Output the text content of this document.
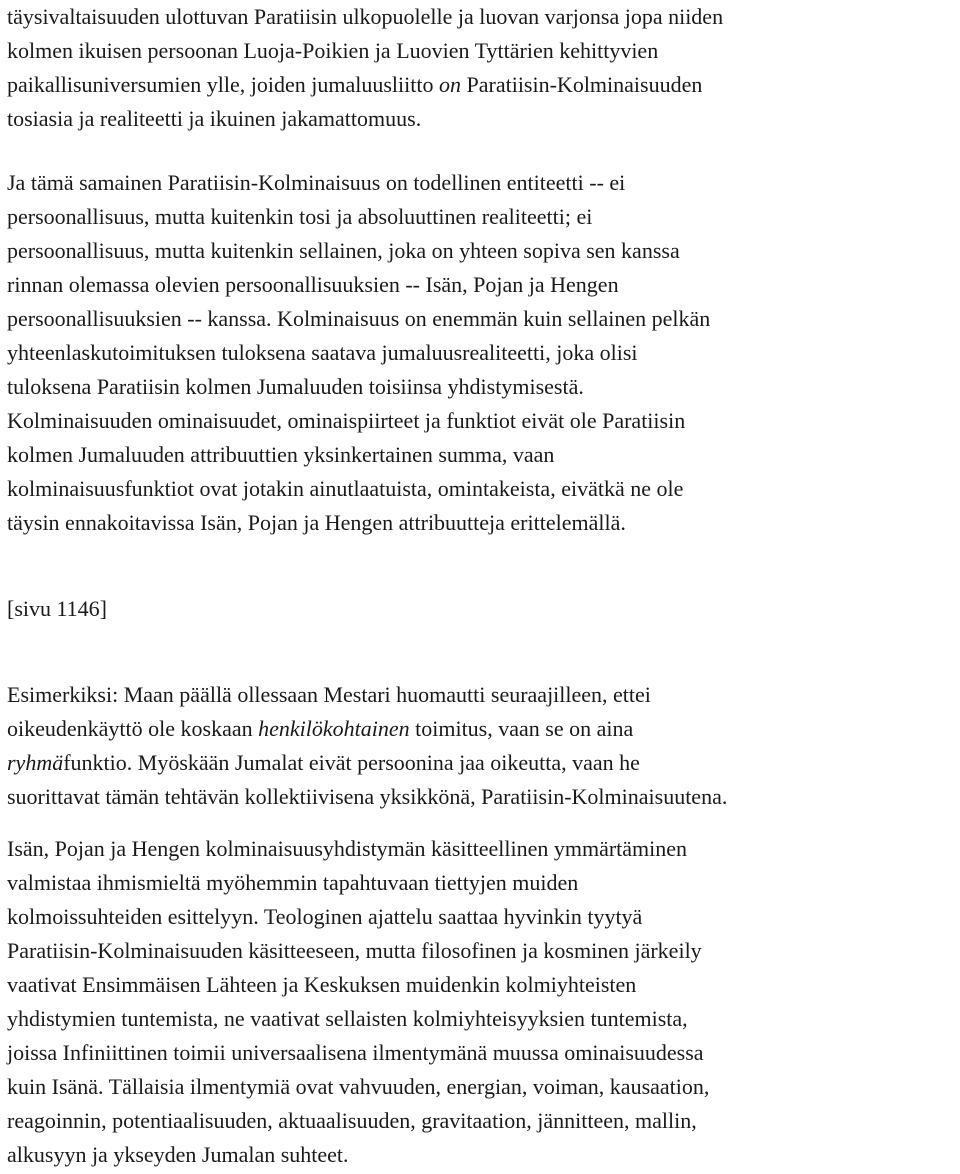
täysivaltaisuuden ulottuvan Paratiisin ulkopuolelle ja luovan varjonsa jopa niiden
kolmen ikuisen persoonan Luoja-Poikien ja Luovien Tyttärien kehittyvien
paikallisuniversumien ylle, joiden jumaluusliitto on Paratiisin-Kolminaisuuden
tosiasia ja realiteetti ja ikuinen jakamattomuus.
Ja tämä samainen Paratiisin-Kolminaisuus on todellinen entiteetti -- ei
persoonallisuus, mutta kuitenkin tosi ja absoluuttinen realiteetti; ei
persoonallisuus, mutta kuitenkin sellainen, joka on yhteen sopiva sen kanssa
rinnan olemassa olevien persoonallisuuksien -- Isän, Pojan ja Hengen
persoonallisuuksien -- kanssa. Kolminaisuus on enemmän kuin sellainen pelkän
yhteenlaskutoimituksen tuloksena saatava jumaluusrealiteetti, joka olisi
tuloksena Paratiisin kolmen Jumaluuden toisiinsa yhdistymisestä.
Kolminaisuuden ominaisuudet, ominaispiirteet ja funktiot eivät ole Paratiisin
kolmen Jumaluuden attribuuttien yksinkertainen summa, vaan
kolminaisuusfunktiot ovat jotakin ainutlaatuista, omintakeista, eivätkä ne ole
täysin ennakoitavissa Isän, Pojan ja Hengen attribuutteja erittelemällä.
[sivu 1146]
Esimerkiksi: Maan päällä ollessaan Mestari huomautti seuraajilleen, ettei
oikeudenkäyttö ole koskaan henkilökohtainen toimitus, vaan se on aina
ryhmäfunktio. Myöskään Jumalat eivät persoonina jaa oikeutta, vaan he
suorittavat tämän tehtävän kollektiivisena yksikkönä, Paratiisin-Kolminaisuutena.
Isän, Pojan ja Hengen kolminaisuusyhdistymän käsitteellinen ymmärtäminen
valmistaa ihmismieltä myöhemmin tapahtuvaan tiettyjen muiden
kolmoissuhteiden esittelyyn. Teologinen ajattelu saattaa hyvinkin tyytyä
Paratiisin-Kolminaisuuden käsitteeseen, mutta filosofinen ja kosminen järkeily
vaativat Ensimmäisen Lähteen ja Keskuksen muidenkin kolmiyhteisten
yhdistymien tuntemista, ne vaativat sellaisten kolmiyhteisyyksien tuntemista,
joissa Infiniittinen toimii universaalisena ilmentymänä muussa ominaisuudessa
kuin Isänä. Tällaisia ilmentymiä ovat vahvuuden, energian, voiman, kausaation,
reagoinnin, potentiaalisuuden, aktuaalisuuden, gravitaation, jännitteen, mallin,
alkusyyn ja ykseyden Jumalan suhteet.
